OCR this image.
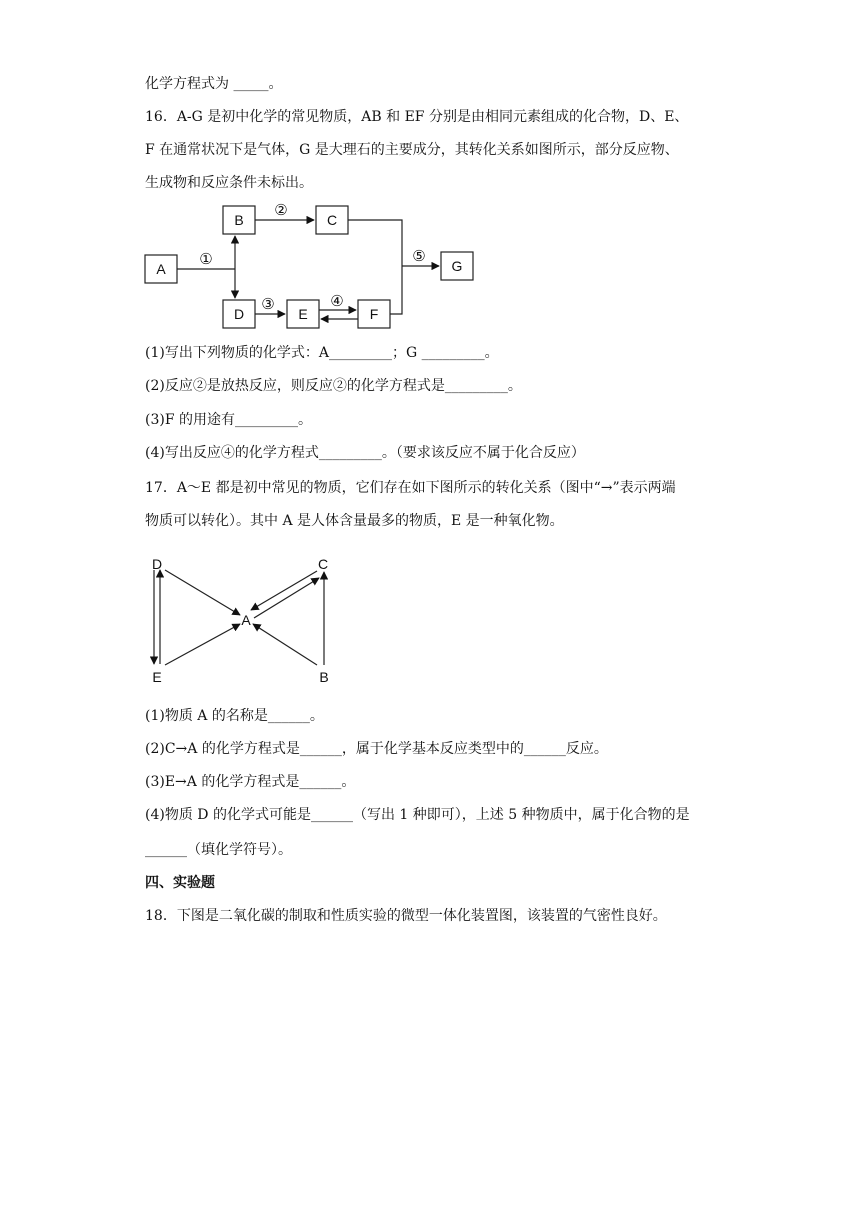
化学方程式为 _____。
16．A-G 是初中化学的常见物质，AB 和 EF 分别是由相同元素组成的化合物，D、E、
F 在通常状况下是气体，G 是大理石的主要成分，其转化关系如图所示，部分反应物、
生成物和反应条件未标出。
A
B	C
D	E	F
G
①
②
③	④
⑤
(1)写出下列物质的化学式：A_________；G _________。
(2)反应②是放热反应，则反应②的化学方程式是_________。
(3)F 的用途有_________。
(4)写出反应④的化学方程式_________。（要求该反应不属于化合反应）
17．A～E 都是初中常见的物质，它们存在如下图所示的转化关系（图中“→”表示两端
物质可以转化）。其中 A 是人体含量最多的物质，E 是一种氧化物。
D
E
A
C
B
(1)物质 A 的名称是______。
(2)C→A 的化学方程式是______，属于化学基本反应类型中的______反应。
(3)E→A 的化学方程式是______。
(4)物质 D 的化学式可能是______（写出 1 种即可），上述 5 种物质中，属于化合物的是
______（填化学符号）。
四、实验题
18．下图是二氧化碳的制取和性质实验的微型一体化装置图，该装置的气密性良好。
